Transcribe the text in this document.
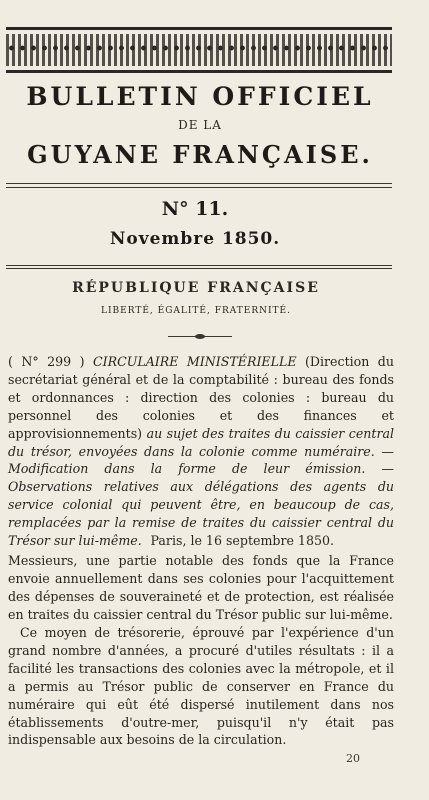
BULLETIN OFFICIEL
DE LA
GUYANE FRANÇAISE.
N° 11.
Novembre 1850.
RÉPUBLIQUE FRANÇAISE
LIBERTÉ, ÉGALITÉ, FRATERNITÉ.
( N° 299 ) CIRCULAIRE MINISTÉRIELLE (Direction du secrétariat général et de la comptabilité : bureau des fonds et ordonnances : direction des colonies : bureau du personnel des colonies et des finances et approvisionnements) au sujet des traites du caissier central du trésor, envoyées dans la colonie comme numéraire. — Modification dans la forme de leur émission. — Observations relatives aux délégations des agents du service colonial qui peuvent être, en beaucoup de cas, remplacées par la remise de traites du caissier central du Trésor sur lui-même. Paris, le 16 septembre 1850.
Messieurs, une partie notable des fonds que la France envoie annuellement dans ses colonies pour l'acquittement des dépenses de souveraineté et de protection, est réalisée en traites du caissier central du Trésor public sur lui-même.
Ce moyen de trésorerie, éprouvé par l'expérience d'un grand nombre d'années, a procuré d'utiles résultats : il a facilité les transactions des colonies avec la métropole, et il a permis au Trésor public de conserver en France du numéraire qui eût été dispersé inutilement dans nos établissements d'outre-mer, puisqu'il n'y était pas indispensable aux besoins de la circulation.
20
